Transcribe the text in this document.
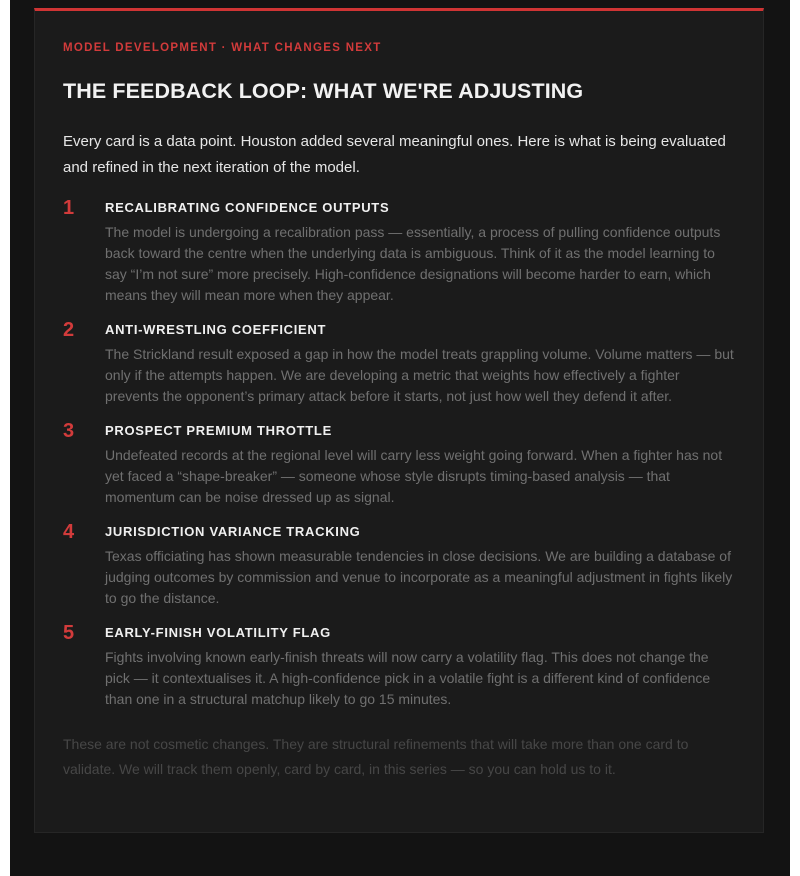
MODEL DEVELOPMENT · WHAT CHANGES NEXT

THE FEEDBACK LOOP: WHAT WE'RE ADJUSTING

Every card is a data point. Houston added several meaningful ones. Here is what is being evaluated and refined in the next iteration of the model.

1 RECALIBRATING CONFIDENCE OUTPUTS

The model is undergoing a recalibration pass — essentially, a process of pulling confidence outputs back toward the centre when the underlying data is ambiguous. Think of it as the model learning to say “I’m not sure” more precisely. High-confidence designations will become harder to earn, which means they will mean more when they appear.

2 ANTI-WRESTLING COEFFICIENT

The Strickland result exposed a gap in how the model treats grappling volume. Volume matters — but only if the attempts happen. We are developing a metric that weights how effectively a fighter prevents the opponent’s primary attack before it starts, not just how well they defend it after.

3 PROSPECT PREMIUM THROTTLE

Undefeated records at the regional level will carry less weight going forward. When a fighter has not yet faced a “shape-breaker” — someone whose style disrupts timing-based analysis — that momentum can be noise dressed up as signal.

4 JURISDICTION VARIANCE TRACKING

Texas officiating has shown measurable tendencies in close decisions. We are building a database of judging outcomes by commission and venue to incorporate as a meaningful adjustment in fights likely to go the distance.

5 EARLY-FINISH VOLATILITY FLAG

Fights involving known early-finish threats will now carry a volatility flag. This does not change the pick — it contextualises it. A high-confidence pick in a volatile fight is a different kind of confidence than one in a structural matchup likely to go 15 minutes.

These are not cosmetic changes. They are structural refinements that will take more than one card to validate. We will track them openly, card by card, in this series — so you can hold us to it.
